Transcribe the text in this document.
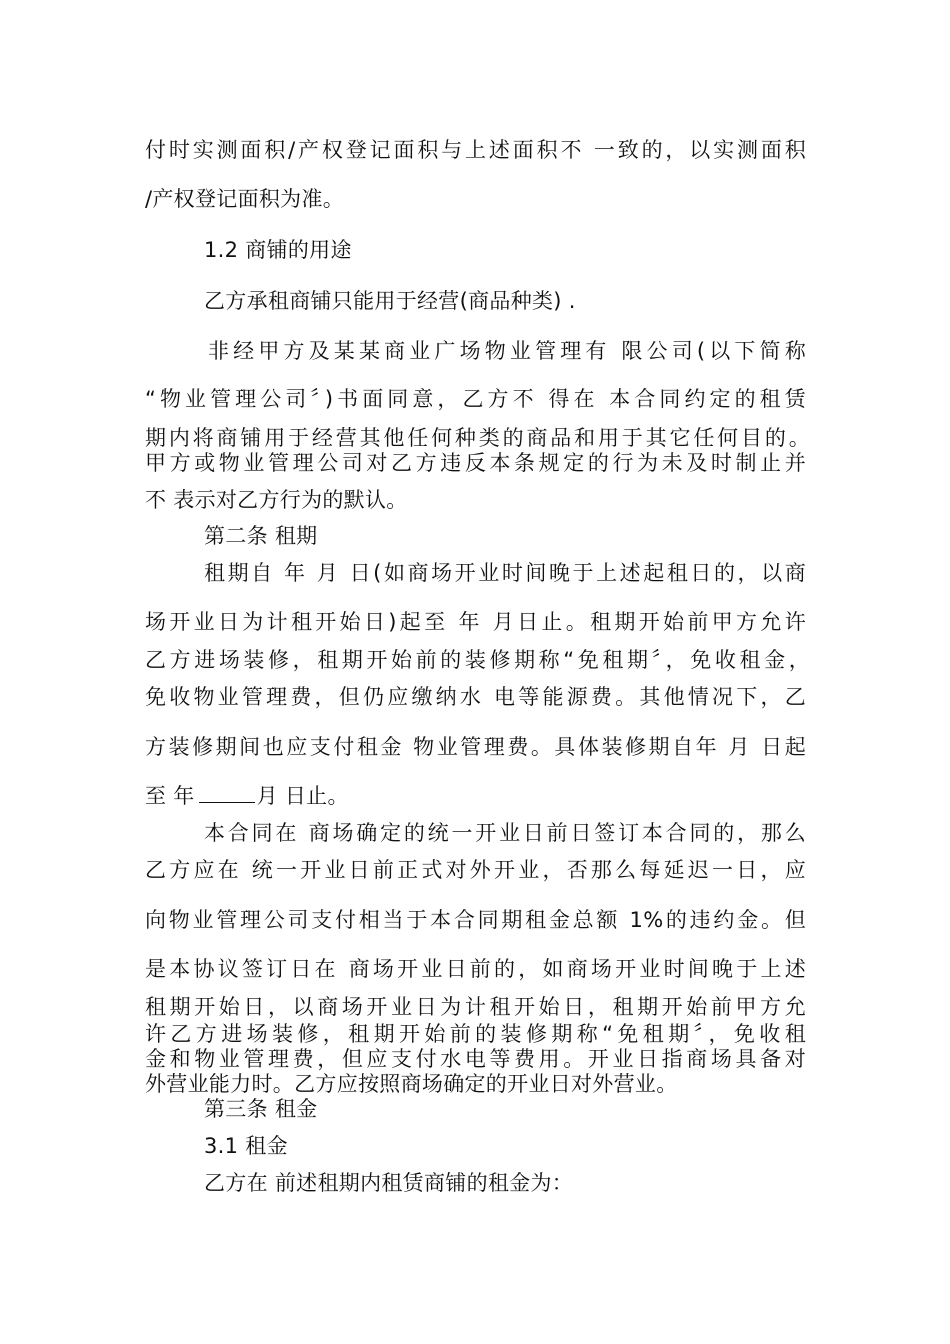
付时实测面积/产权登记面积与上述面积不 一致的，以实测面积
/产权登记面积为准。
1.2 商铺的用途
乙方承租商铺只能用于经营(商品种类) .
非经甲方及某某商业广场物业管理有 限公司(以下简称
“物业管理公司〞)书面同意，乙方不 得在 本合同约定的租赁
期内将商铺用于经营其他任何种类的商品和用于其它任何目的。
甲方或物业管理公司对乙方违反本条规定的行为未及时制止并
不 表示对乙方行为的默认。
第二条 租期
租期自 年 月 日(如商场开业时间晚于上述起租日的，以商
场开业日为计租开始日)起至 年 月日止。租期开始前甲方允许
乙方进场装修，租期开始前的装修期称“免租期〞，免收租金，
免收物业管理费，但仍应缴纳水 电等能源费。其他情况下，乙
方装修期间也应支付租金 物业管理费。具体装修期自年 月 日起
至 年	月 日止。
本合同在 商场确定的统一开业日前日签订本合同的，那么
乙方应在 统一开业日前正式对外开业，否那么每延迟一日，应
向物业管理公司支付相当于本合同期租金总额 1%的违约金。但
是本协议签订日在 商场开业日前的，如商场开业时间晚于上述
租期开始日，以商场开业日为计租开始日，租期开始前甲方允
许乙方进场装修，租期开始前的装修期称“免租期〞，免收租
金和物业管理费，但应支付水电等费用。开业日指商场具备对
外营业能力时。乙方应按照商场确定的开业日对外营业。
第三条 租金
3.1 租金
乙方在 前述租期内租赁商铺的租金为：
